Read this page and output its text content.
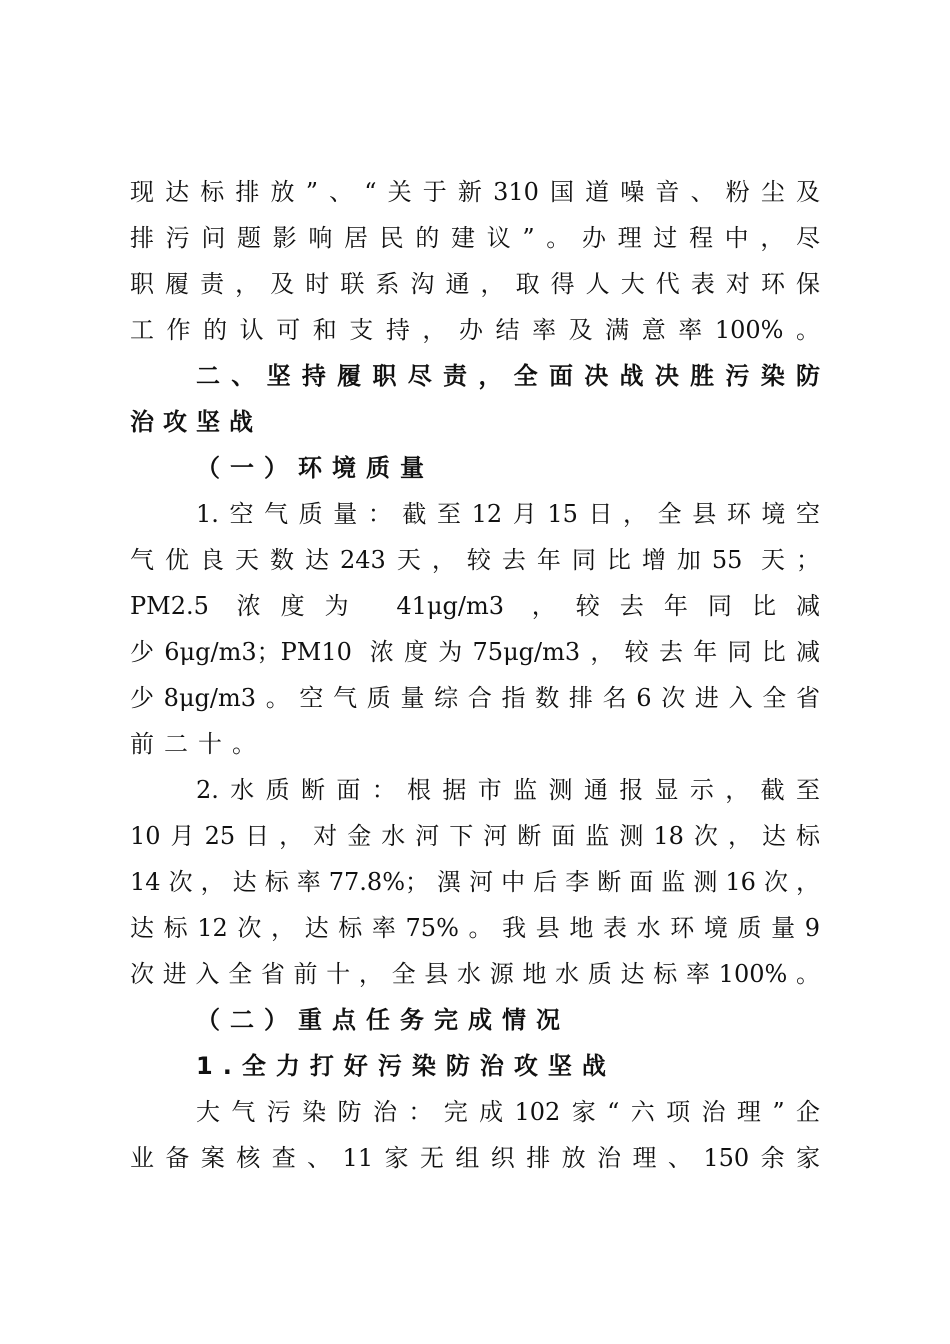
现达标排放”、“关于新310国道噪音、粉尘及
排污问题影响居民的建议”。办理过程中，尽
职履责，及时联系沟通，取得人大代表对环保
工作的认可和支持，办结率及满意率100%。
二、坚持履职尽责，全面决战决胜污染防
治攻坚战
（一）环境质量
1.空气质量：截至12月15日，全县环境空
气优良天数达243天，较去年同比增加55 天；
PM2.5 浓度为 41μg/m3 ，较去年同比减
少6μg/m3；PM10 浓度为75μg/m3，较去年同比减
少8μg/m3。空气质量综合指数排名6次进入全省
前二十。
2.水质断面：根据市监测通报显示，截至
10月25日，对金水河下河断面监测18次，达标
14次，达标率77.8%；潩河中后李断面监测16次，
达标12次，达标率75%。我县地表水环境质量9
次进入全省前十，全县水源地水质达标率100%。
（二）重点任务完成情况
1.全力打好污染防治攻坚战
大气污染防治：完成102家“六项治理”企
业备案核查、11家无组织排放治理、150余家
